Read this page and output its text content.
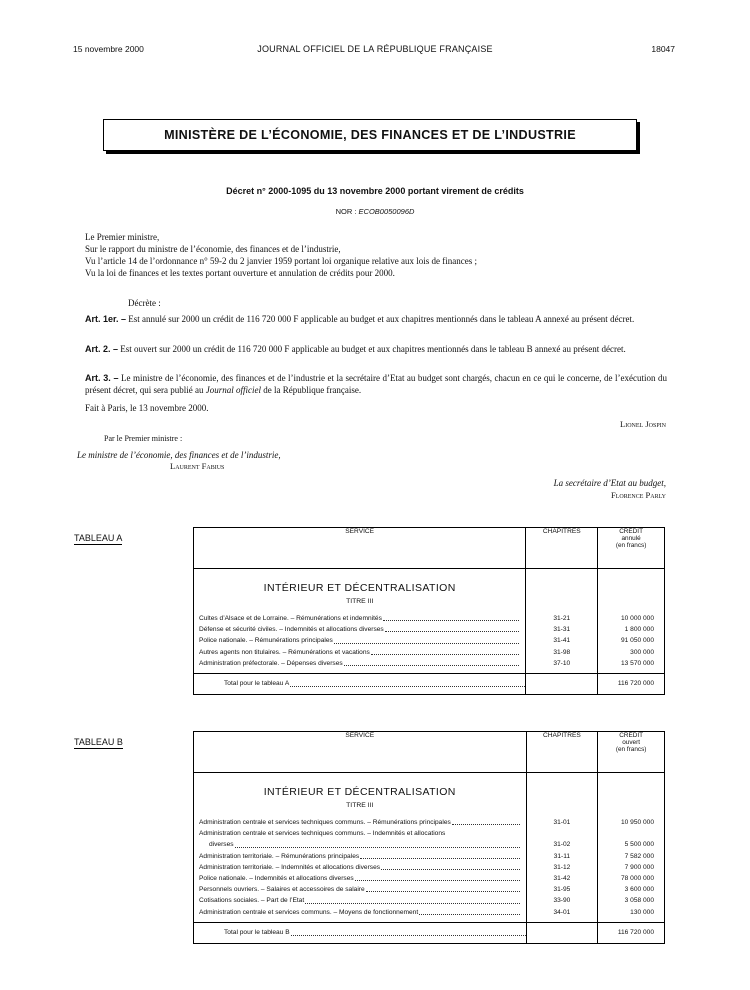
15 novembre 2000	JOURNAL OFFICIEL DE LA RÉPUBLIQUE FRANÇAISE	18047
MINISTÈRE DE L’ÉCONOMIE, DES FINANCES ET DE L’INDUSTRIE
Décret n° 2000-1095 du 13 novembre 2000 portant virement de crédits
NOR : ECOB0050096D
Le Premier ministre,
Sur le rapport du ministre de l’économie, des finances et de l’industrie,
Vu l’article 14 de l’ordonnance n° 59-2 du 2 janvier 1959 portant loi organique relative aux lois de finances ;
Vu la loi de finances et les textes portant ouverture et annulation de crédits pour 2000.
Décrète :
Art. 1er. – Est annulé sur 2000 un crédit de 116 720 000 F applicable au budget et aux chapitres mentionnés dans le tableau A annexé au présent décret.
Art. 2. – Est ouvert sur 2000 un crédit de 116 720 000 F applicable au budget et aux chapitres mentionnés dans le tableau B annexé au présent décret.
Art. 3. – Le ministre de l’économie, des finances et de l’industrie et la secrétaire d’Etat au budget sont chargés, chacun en ce qui le concerne, de l’exécution du présent décret, qui sera publié au Journal officiel de la République française.
Fait à Paris, le 13 novembre 2000.
Lionel Jospin
Par le Premier ministre :
Le ministre de l’économie, des finances et de l’industrie,
Laurent Fabius
La secrétaire d’Etat au budget,
Florence Parly
TABLEAU A
SERVICE	CHAPITRES	CRÉDIT
annulé
(en francs)

INTÉRIEUR ET DÉCENTRALISATION		
TITRE III		

Cultes d’Alsace et de Lorraine. – Rémunérations et indemnités	31-21	10 000 000

Défense et sécurité civiles. – Indemnités et allocations diverses	31-31	1 800 000

Police nationale. – Rémunérations principales	31-41	91 050 000

Autres agents non titulaires. – Rémunérations et vacations	31-98	300 000

Administration préfectorale. – Dépenses diverses	37-10	13 570 000

Total pour le tableau A		116 720 000
TABLEAU B
SERVICE	CHAPITRES	CRÉDIT
ouvert
(en francs)

INTÉRIEUR ET DÉCENTRALISATION		
TITRE III		

Administration centrale et services techniques communs. – Rémunérations principales	31-01	10 950 000

Administration centrale et services techniques communs. – Indemnités et allocations
diverses	31-02	5 500 000

Administration territoriale. – Rémunérations principales	31-11	7 582 000

Administration territoriale. – Indemnités et allocations diverses	31-12	7 900 000

Police nationale. – Indemnités et allocations diverses	31-42	78 000 000

Personnels ouvriers. – Salaires et accessoires de salaire	31-95	3 600 000

Cotisations sociales. – Part de l’Etat	33-90	3 058 000

Administration centrale et services communs. – Moyens de fonctionnement	34-01	130 000

Total pour le tableau B		116 720 000
